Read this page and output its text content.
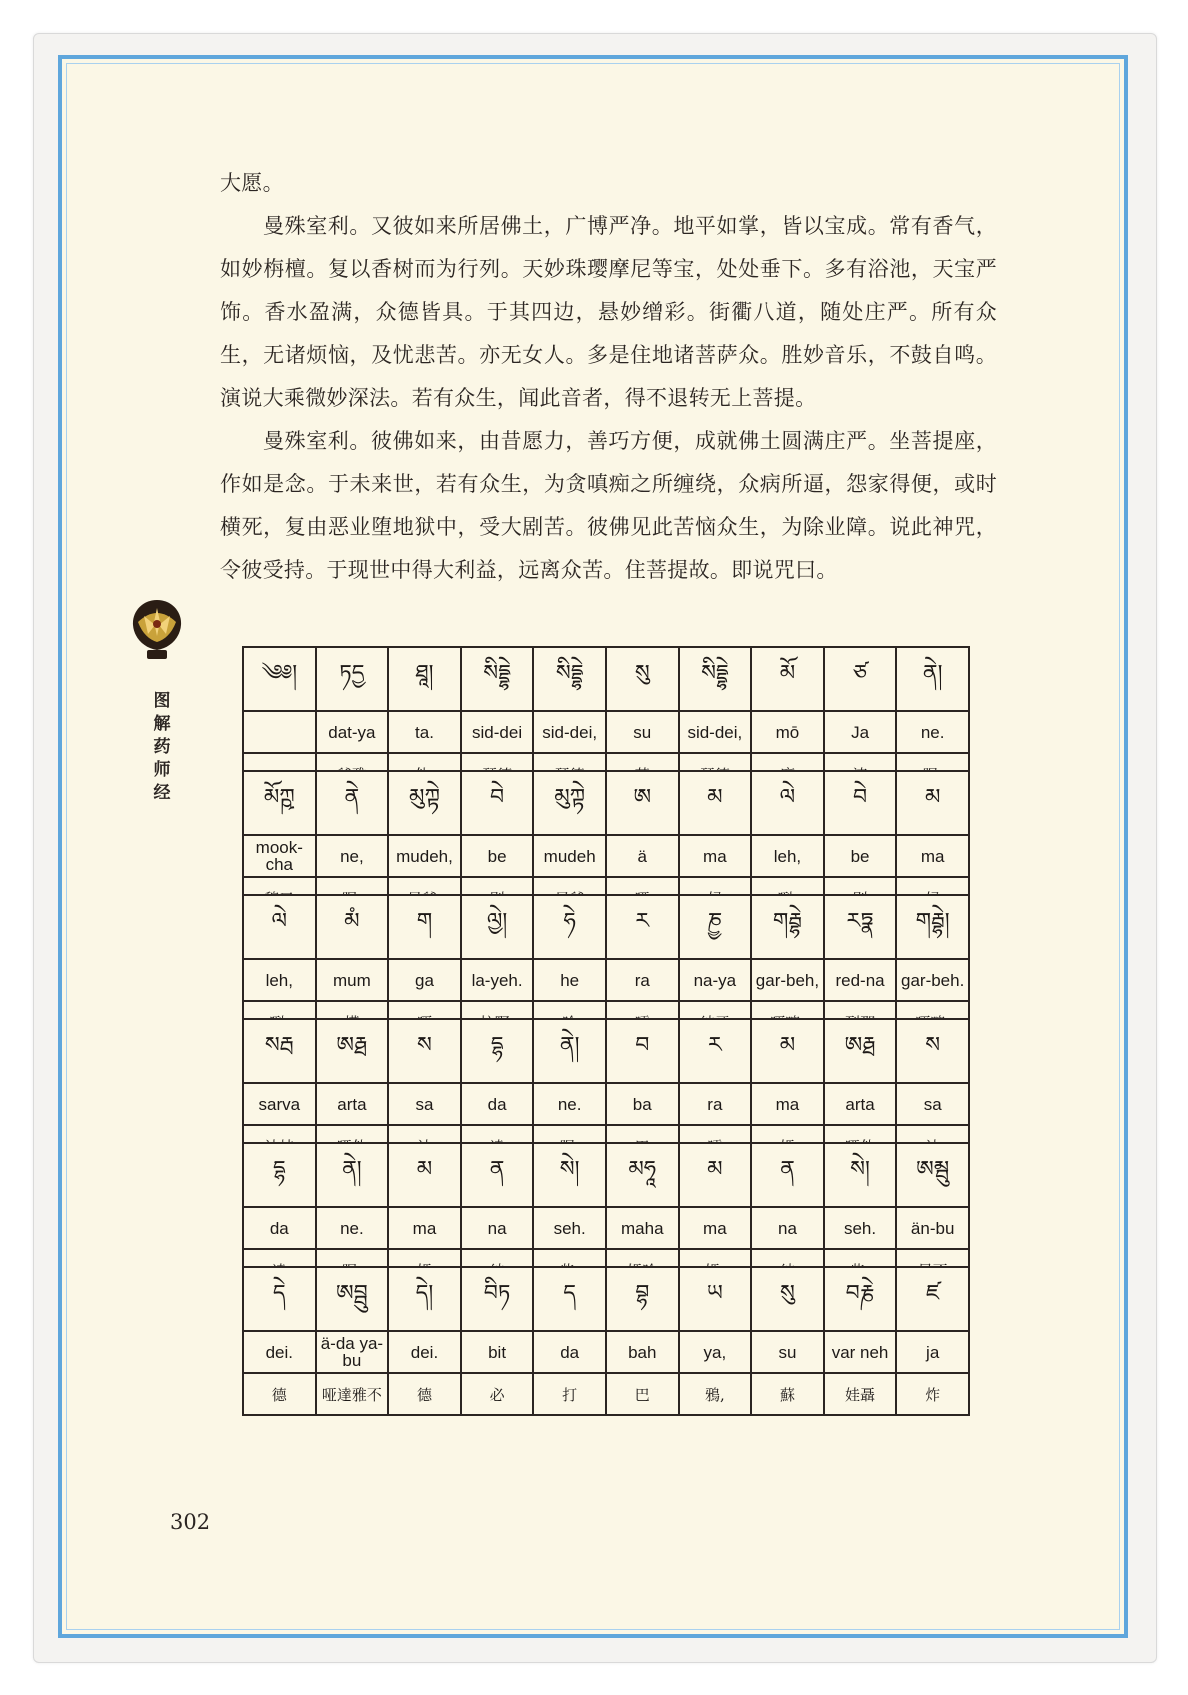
大愿。

曼殊室利。又彼如来所居佛土，广博严净。地平如掌，皆以宝成。常有香气，如妙栴檀。复以香树而为行列。天妙珠璎摩尼等宝，处处垂下。多有浴池，天宝严饰。香水盈满，众德皆具。于其四边，悬妙缯彩。街衢八道，随处庄严。所有众生，无诸烦恼，及忧悲苦。亦无女人。多是住地诸菩萨众。胜妙音乐，不鼓自鸣。演说大乘微妙深法。若有众生，闻此音者，得不退转无上菩提。

曼殊室利。彼佛如来，由昔愿力，善巧方便，成就佛土圆满庄严。坐菩提座，作如是念。于未来世，若有众生，为贪嗔痴之所缠绕，众病所逼，怨家得便，或时横死，复由恶业堕地狱中，受大剧苦。彼佛见此苦恼众生，为除业障。说此神咒，令彼受持。于现世中得大利益，远离众苦。住菩提故。即说咒曰。

图
解
药
师
经
༄༅།	ཏདྱ	ཐཱ།	སིདྡྷེ	སིདྡྷེ	སུ	སིདྡྷེ	མོ	ཙ	ནེ།
	dat-ya	ta.	sid-dei	sid-dei,	su	sid-dei,	mō	Ja	ne.

མོཀྵ	ནེ	མུཀྟེ	བེ	མུཀྟེ	ཨ	མ	ལེ	བེ	མ
mook-cha	ne,	mudeh,	be	mudeh	ä	ma	leh,	be	ma

ལེ	མཾ	ག	ལྱེ།	ཧེ	ར	ཎྱ	གརྦྷེ	རཏྣ	གརྦྷེ།
leh,	mum	ga	la-yeh.	he	ra	na-ya	gar-beh,	red-na	gar-beh.

སརྦ	ཨརྠ	ས	དྷ	ནེ།	བ	ར	མ	ཨརྠ	ས
sarva	arta	sa	da	ne.	ba	ra	ma	arta	sa

དྷ	ནེ།	མ	ན	སེ།	མཧཱ	མ	ན	སེ།	ཨམྦུ
da	ne.	ma	na	seh.	maha	ma	na	seh.	än-bu

དེ	ཨབྦུ	དེ།	བིཏ	ད	བྷ	ཡ	སུ	བརྞེ	ཛ
dei.	ä-da ya-bu	dei.	bit	da	bah	ya,	su	var neh	ja
德	哑達雅不	德	必	打	巴	鴉,	蘇	娃聶	炸
302
